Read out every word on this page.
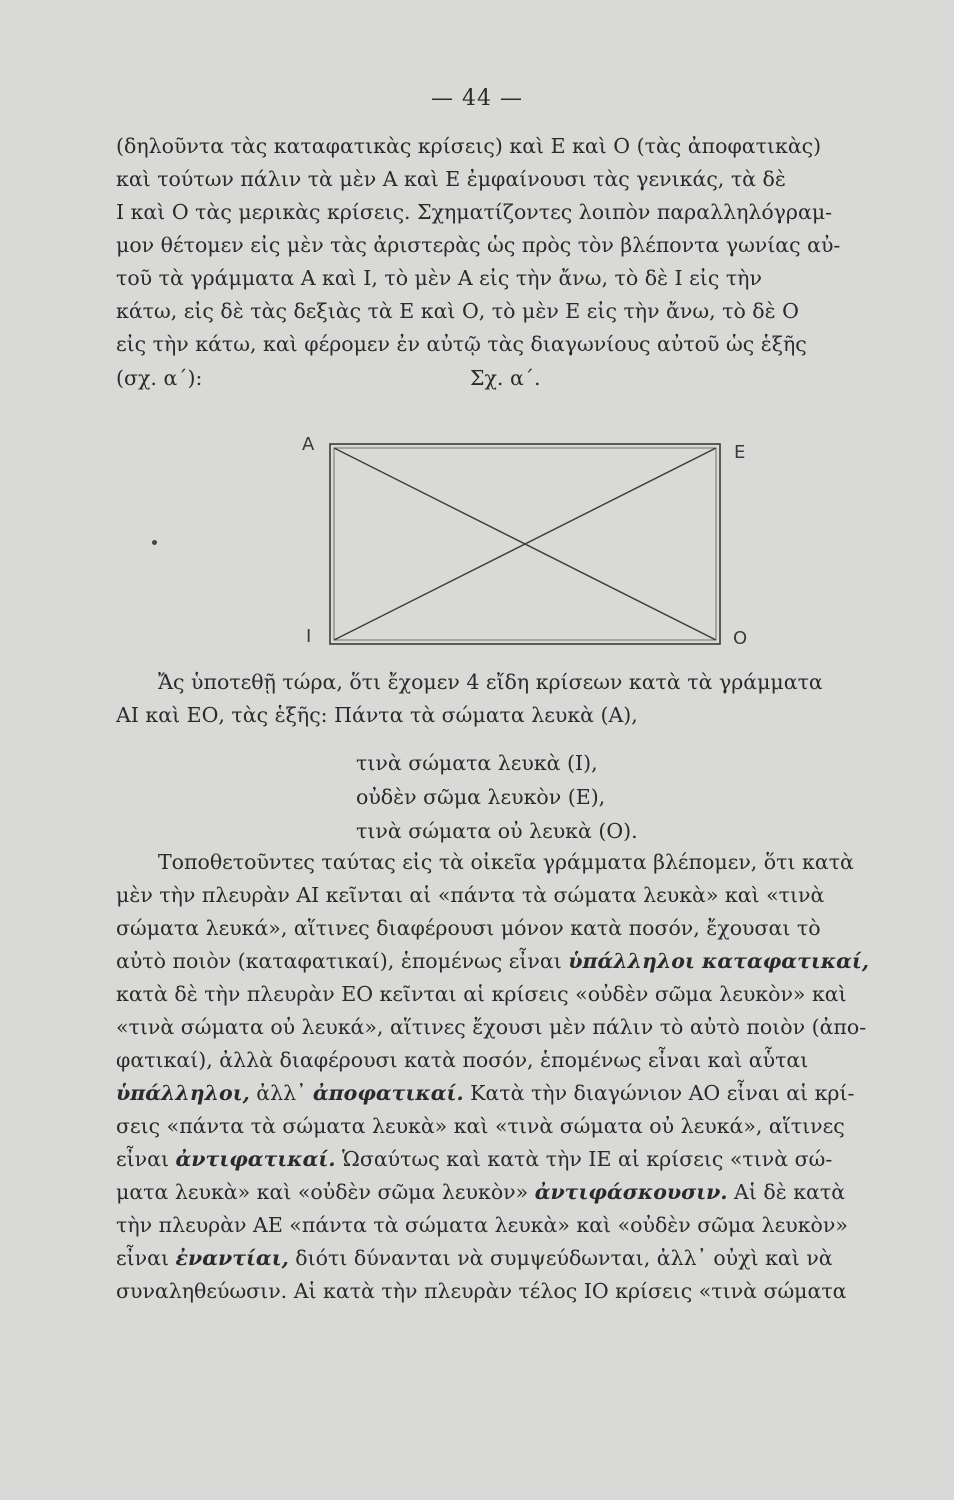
— 44 —

(δηλοῦντα τὰς καταφατικὰς κρίσεις) καὶ Ε καὶ Ο (τὰς ἀποφατικὰς)
καὶ τούτων πάλιν τὰ μὲν Α καὶ Ε ἐμφαίνουσι τὰς γενικάς, τὰ δὲ
Ι καὶ Ο τὰς μερικὰς κρίσεις. Σχηματίζοντες λοιπὸν παραλληλόγραμ-
μον θέτομεν εἰς μὲν τὰς ἀριστερὰς ὡς πρὸς τὸν βλέποντα γωνίας αὐ-
τοῦ τὰ γράμματα Α καὶ Ι, τὸ μὲν Α εἰς τὴν ἄνω, τὸ δὲ Ι εἰς τὴν
κάτω, εἰς δὲ τὰς δεξιὰς τὰ Ε καὶ Ο, τὸ μὲν Ε εἰς τὴν ἄνω, τὸ δὲ Ο
εἰς τὴν κάτω, καὶ φέρομεν ἐν αὐτῷ τὰς διαγωνίους αὐτοῦ ὡς ἑξῆς

(σχ. α΄):	Σχ. α΄.
Α	Ε
Ι	Ο

Ἄς ὑποτεθῇ τώρα, ὅτι ἔχομεν 4 εἴδη κρίσεων κατὰ τὰ γράμματα
ΑΙ καὶ ΕΟ, τὰς ἑξῆς: Πάντα τὰ σώματα λευκὰ (Α),

τινὰ σώματα λευκὰ (Ι),
οὐδὲν σῶμα λευκὸν (Ε),
τινὰ σώματα οὐ λευκὰ (Ο).

Τοποθετοῦντες ταύτας εἰς τὰ οἰκεῖα γράμματα βλέπομεν, ὅτι κατὰ
μὲν τὴν πλευρὰν ΑΙ κεῖνται αἱ «πάντα τὰ σώματα λευκὰ» καὶ «τινὰ
σώματα λευκά», αἵτινες διαφέρουσι μόνον κατὰ ποσόν, ἔχουσαι τὸ
αὐτὸ ποιὸν (καταφατικαί), ἑπομένως εἶναι ὑπάλληλοι καταφατικαί,
κατὰ δὲ τὴν πλευρὰν ΕΟ κεῖνται αἱ κρίσεις «οὐδὲν σῶμα λευκὸν» καὶ
«τινὰ σώματα οὐ λευκά», αἵτινες ἔχουσι μὲν πάλιν τὸ αὐτὸ ποιὸν (ἀπο-
φατικαί), ἀλλὰ διαφέρουσι κατὰ ποσόν, ἑπομένως εἶναι καὶ αὗται
ὑπάλληλοι, ἀλλ᾽ ἀποφατικαί. Κατὰ τὴν διαγώνιον ΑΟ εἶναι αἱ κρί-
σεις «πάντα τὰ σώματα λευκὰ» καὶ «τινὰ σώματα οὐ λευκά», αἵτινες
εἶναι ἀντιφατικαί. Ὡσαύτως καὶ κατὰ τὴν ΙΕ αἱ κρίσεις «τινὰ σώ-
ματα λευκὰ» καὶ «οὐδὲν σῶμα λευκὸν» ἀντιφάσκουσιν. Αἱ δὲ κατὰ
τὴν πλευρὰν ΑΕ «πάντα τὰ σώματα λευκὰ» καὶ «οὐδὲν σῶμα λευκὸν»
εἶναι ἐναντίαι, διότι δύνανται νὰ συμψεύδωνται, ἀλλ᾽ οὐχὶ καὶ νὰ
συναληθεύωσιν. Αἱ κατὰ τὴν πλευρὰν τέλος ΙΟ κρίσεις «τινὰ σώματα
